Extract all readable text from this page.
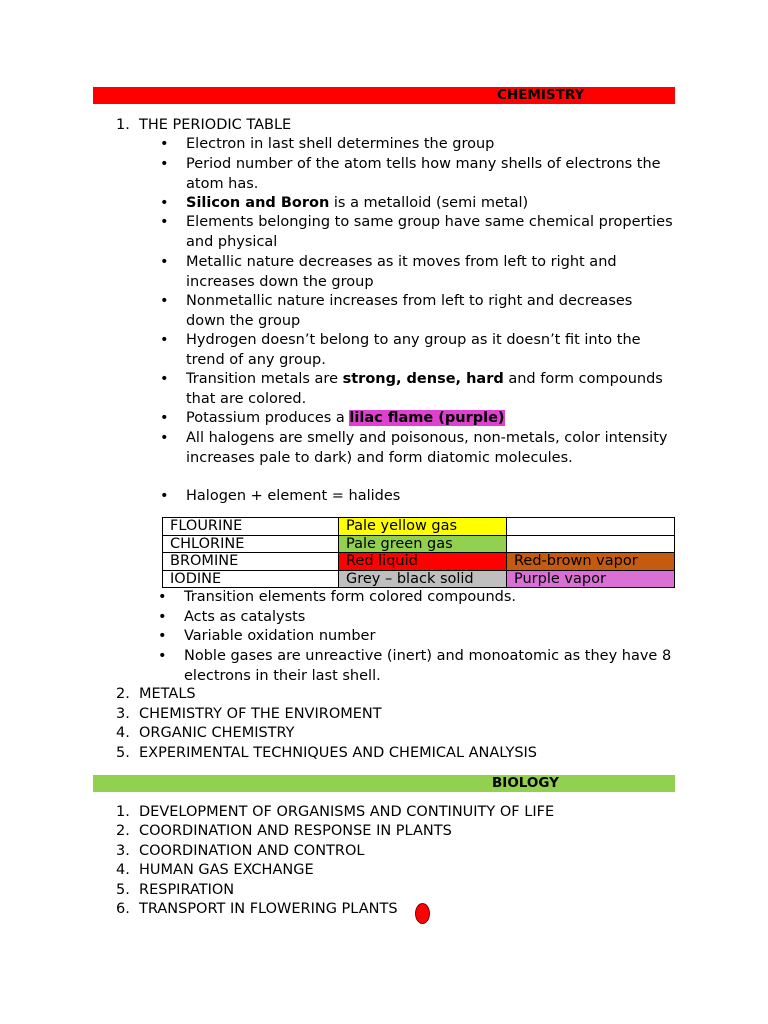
CHEMISTRY
1. THE PERIODIC TABLE
• Electron in last shell determines the group
• Period number of the atom tells how many shells of electrons the atom has.
• Silicon and Boron is a metalloid (semi metal)
• Elements belonging to same group have same chemical properties and physical
• Metallic nature decreases as it moves from left to right and increases down the group
• Nonmetallic nature increases from left to right and decreases down the group
• Hydrogen doesn’t belong to any group as it doesn’t fit into the trend of any group.
• Transition metals are strong, dense, hard and form compounds that are colored.
• Potassium produces a lilac flame (purple)
• All halogens are smelly and poisonous, non-metals, color intensity increases pale to dark) and form diatomic molecules.
• Halogen + element = halides
FLOURINE	Pale yellow gas	
CHLORINE	Pale green gas	
BROMINE	Red liquid	Red-brown vapor
IODINE	Grey – black solid	Purple vapor
• Transition elements form colored compounds.
• Acts as catalysts
• Variable oxidation number
• Noble gases are unreactive (inert) and monoatomic as they have 8 electrons in their last shell.
2. METALS
3. CHEMISTRY OF THE ENVIROMENT
4. ORGANIC CHEMISTRY
5. EXPERIMENTAL TECHNIQUES AND CHEMICAL ANALYSIS
BIOLOGY
1. DEVELOPMENT OF ORGANISMS AND CONTINUITY OF LIFE
2. COORDINATION AND RESPONSE IN PLANTS
3. COORDINATION AND CONTROL
4. HUMAN GAS EXCHANGE
5. RESPIRATION
6. TRANSPORT IN FLOWERING PLANTS
